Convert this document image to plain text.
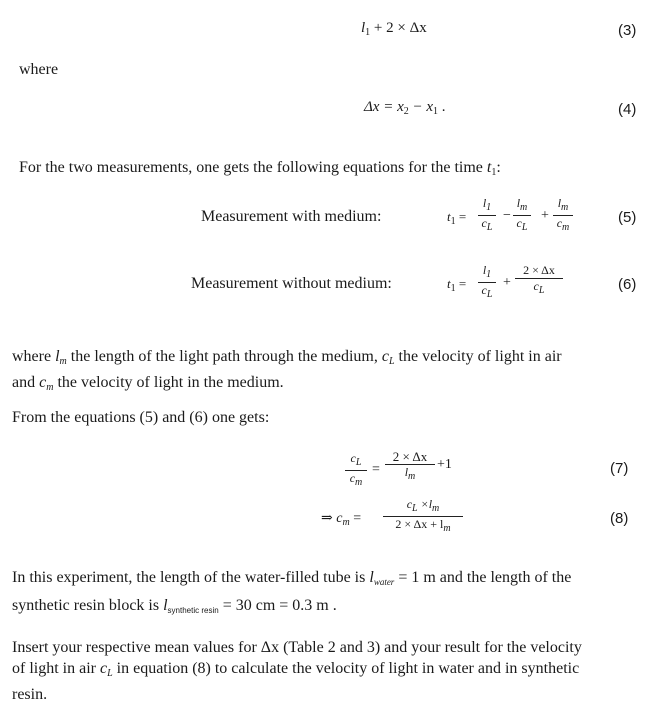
$l_1 + 2 \times \Delta x$	(3)
where
$\Delta x = x_2 - x_1$ .	(4)
For the two measurements, one gets the following equations for the time $t_1$:
Measurement with medium:	$t_1 = \frac{l_1}{c_L} - \frac{l_m}{c_L} + \frac{l_m}{c_m}$	(5)
Measurement without medium:	$t_1 = \frac{l_1}{c_L} + \frac{2 \times \Delta x}{c_L}$	(6)
where $l_m$ the length of the light path through the medium, $c_L$ the velocity of light in air
and $c_m$ the velocity of light in the medium.
From the equations (5) and (6) one gets:
$\frac{c_L}{c_m} = \frac{2 \times \Delta x}{l_m} +1$	(7)
⇒ $c_m = \frac{c_L \times l_m}{2 \times \Delta x + l_m}$	(8)
In this experiment, the length of the water-filled tube is $l_{water} = 1$ m and the length of the
synthetic resin block is $l_{synthetic resin} = 30$ cm = 0.3 m .
Insert your respective mean values for Δx (Table 2 and 3) and your result for the velocity
of light in air $c_L$ in equation (8) to calculate the velocity of light in water and in synthetic
resin.
